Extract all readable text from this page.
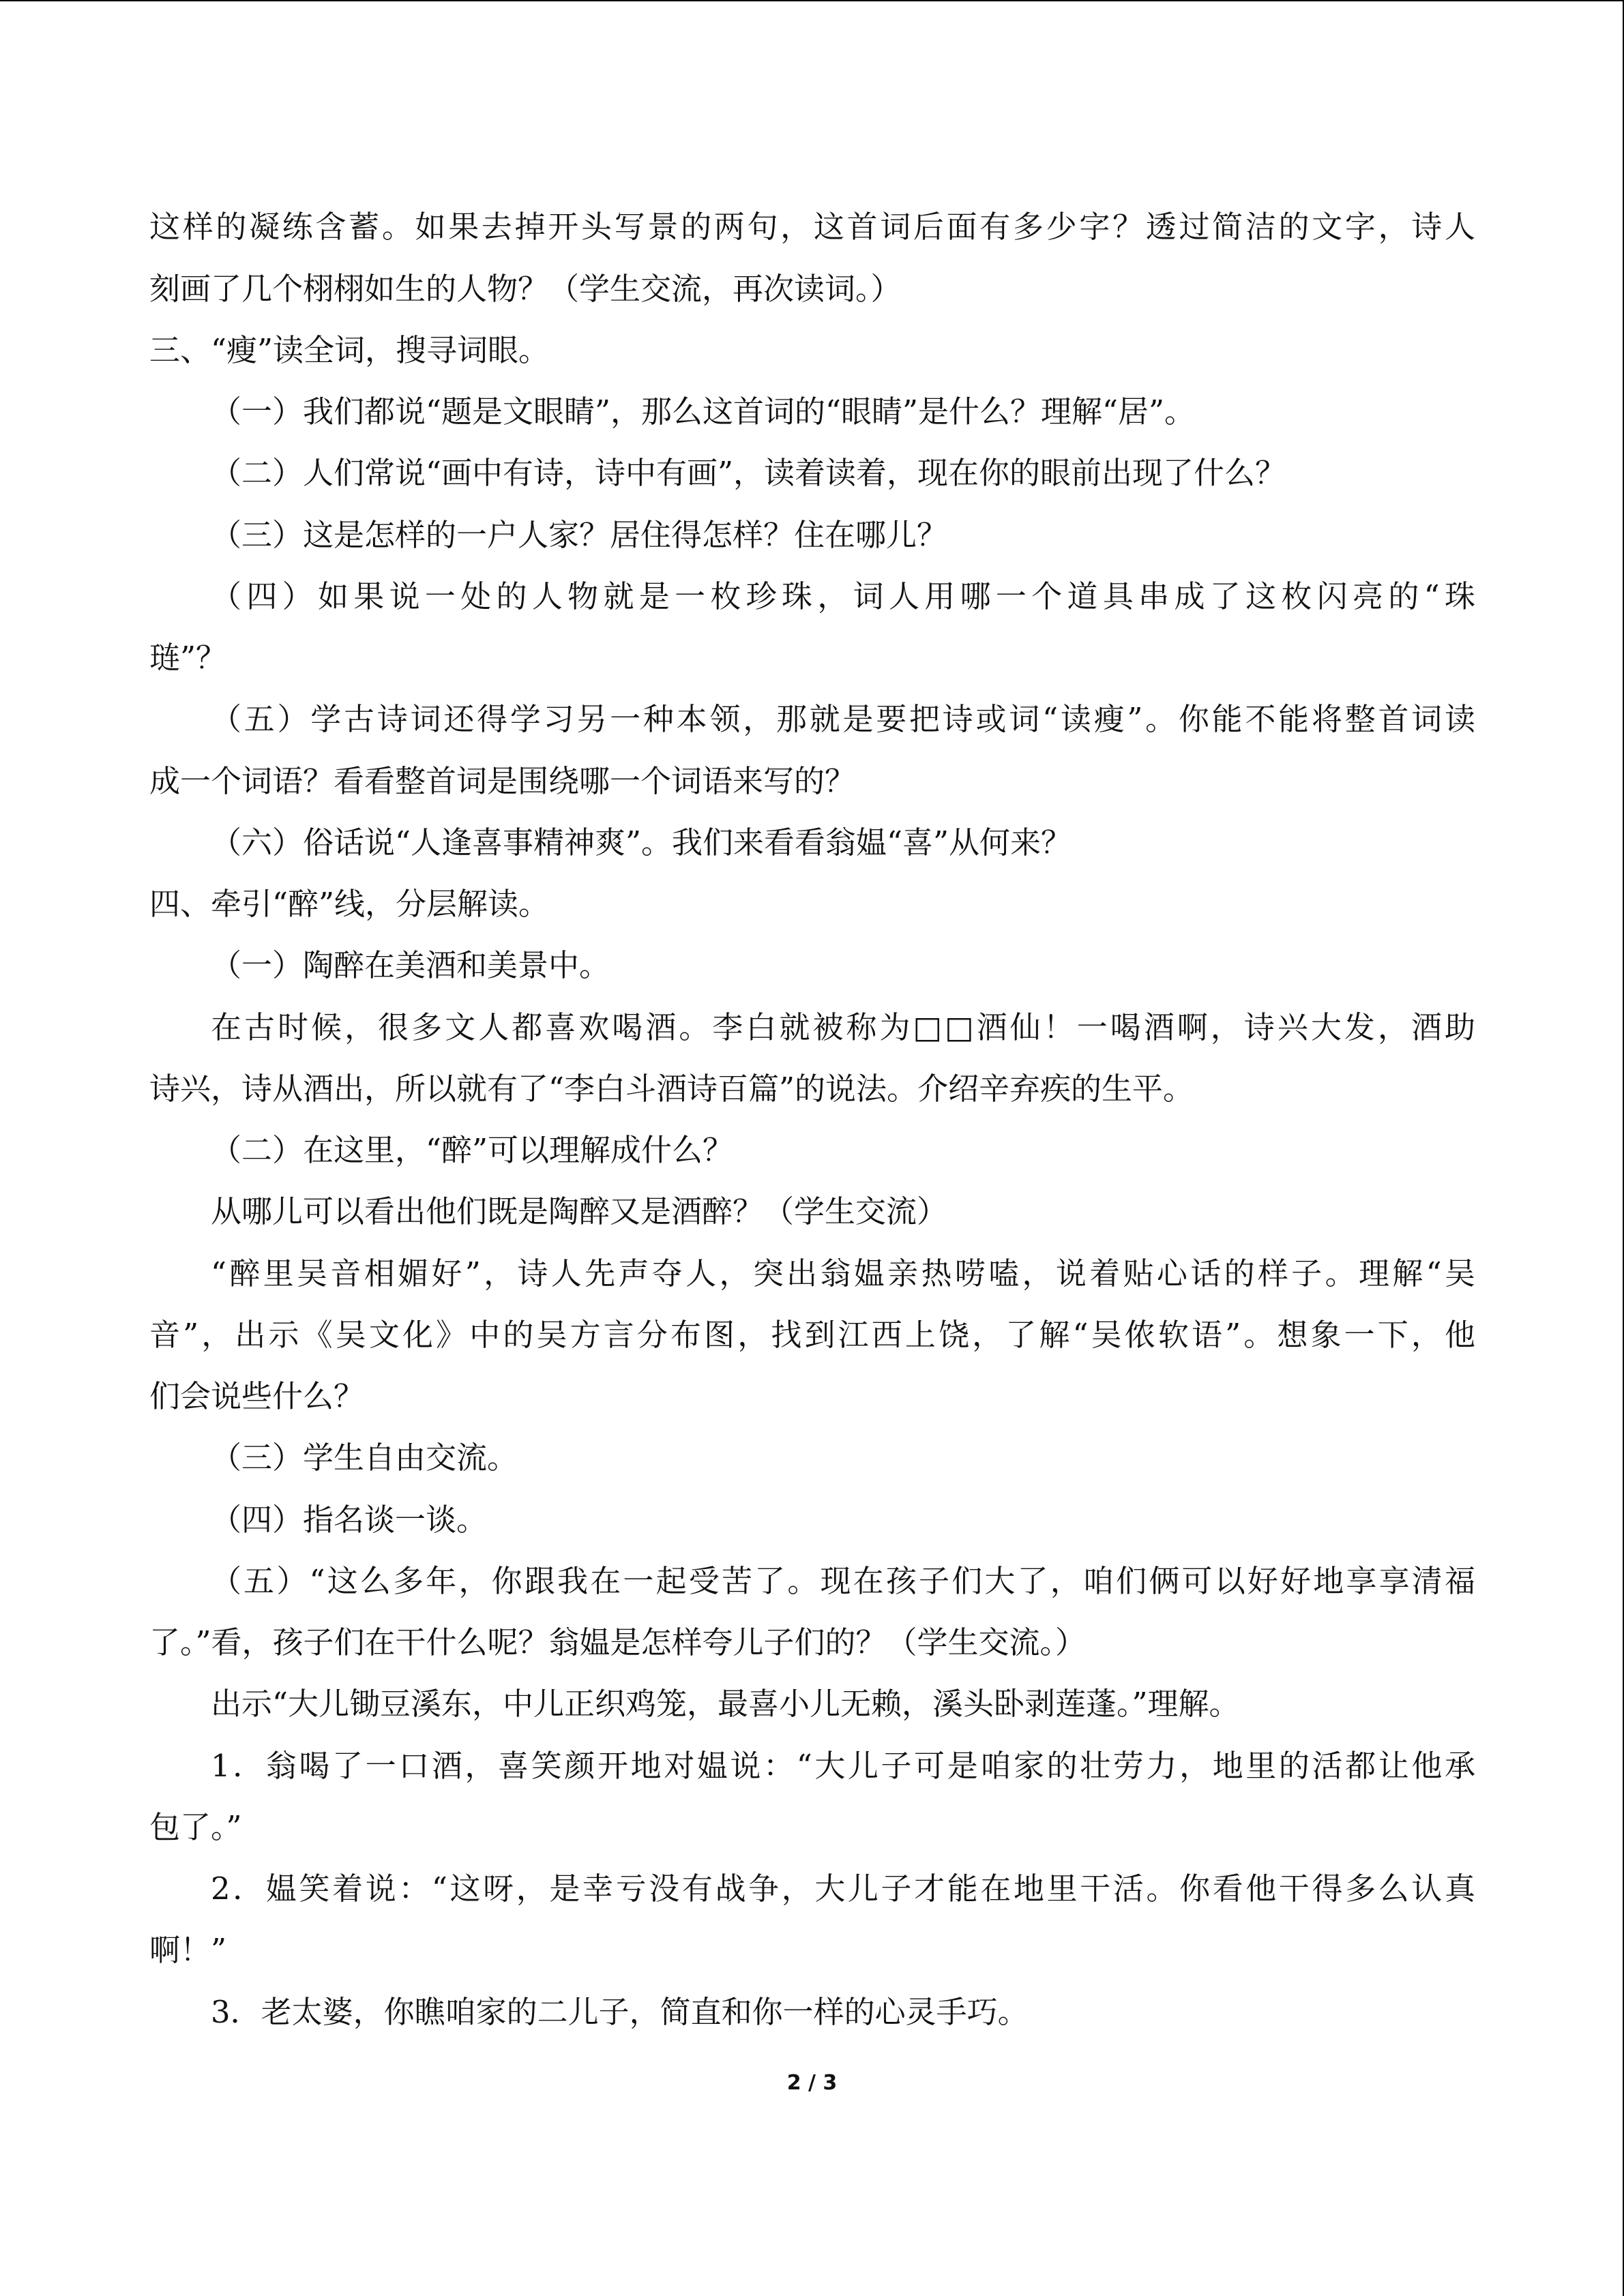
这样的凝练含蓄。如果去掉开头写景的两句，这首词后面有多少字？透过简洁的文字，诗人
刻画了几个栩栩如生的人物？（学生交流，再次读词。）
三、“瘦”读全词，搜寻词眼。
（一）我们都说“题是文眼睛”，那么这首词的“眼睛”是什么？理解“居”。
（二）人们常说“画中有诗，诗中有画”，读着读着，现在你的眼前出现了什么？
（三）这是怎样的一户人家？居住得怎样？住在哪儿？
（四）如果说一处的人物就是一枚珍珠，词人用哪一个道具串成了这枚闪亮的“珠
琏”？
（五）学古诗词还得学习另一种本领，那就是要把诗或词“读瘦”。你能不能将整首词读
成一个词语？看看整首词是围绕哪一个词语来写的？
（六）俗话说“人逢喜事精神爽”。我们来看看翁媪“喜”从何来？
四、牵引“醉”线，分层解读。
（一）陶醉在美酒和美景中。
在古时候，很多文人都喜欢喝酒。李白就被称为□□酒仙！一喝酒啊，诗兴大发，酒助
诗兴，诗从酒出，所以就有了“李白斗酒诗百篇”的说法。介绍辛弃疾的生平。
（二）在这里，“醉”可以理解成什么？
从哪儿可以看出他们既是陶醉又是酒醉？（学生交流）
“醉里吴音相媚好”，诗人先声夺人，突出翁媪亲热唠嗑，说着贴心话的样子。理解“吴
音”，出示《吴文化》中的吴方言分布图，找到江西上饶，了解“吴侬软语”。想象一下，他
们会说些什么？
（三）学生自由交流。
（四）指名谈一谈。
（五）“这么多年，你跟我在一起受苦了。现在孩子们大了，咱们俩可以好好地享享清福
了。”看，孩子们在干什么呢？翁媪是怎样夸儿子们的？（学生交流。）
出示“大儿锄豆溪东，中儿正织鸡笼，最喜小儿无赖，溪头卧剥莲蓬。”理解。
1．翁喝了一口酒，喜笑颜开地对媪说：“大儿子可是咱家的壮劳力，地里的活都让他承
包了。”
2．媪笑着说：“这呀，是幸亏没有战争，大儿子才能在地里干活。你看他干得多么认真
啊！”
3．老太婆，你瞧咱家的二儿子，简直和你一样的心灵手巧。
2 / 3
